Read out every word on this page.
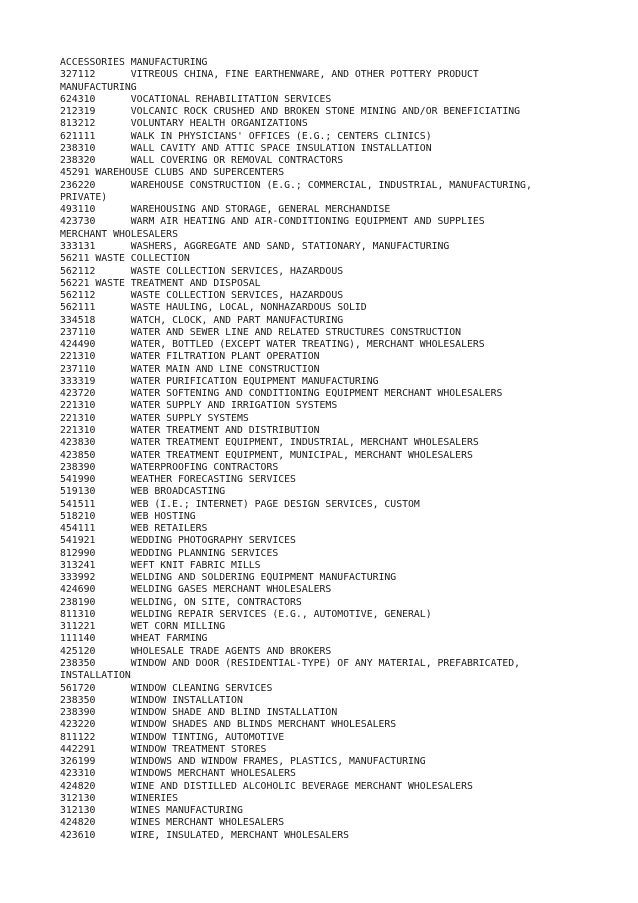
ACCESSORIES MANUFACTURING
327112      VITREOUS CHINA, FINE EARTHENWARE, AND OTHER POTTERY PRODUCT
MANUFACTURING
624310      VOCATIONAL REHABILITATION SERVICES
212319      VOLCANIC ROCK CRUSHED AND BROKEN STONE MINING AND/OR BENEFICIATING
813212      VOLUNTARY HEALTH ORGANIZATIONS
621111      WALK IN PHYSICIANS' OFFICES (E.G.; CENTERS CLINICS)
238310      WALL CAVITY AND ATTIC SPACE INSULATION INSTALLATION
238320      WALL COVERING OR REMOVAL CONTRACTORS
45291 WAREHOUSE CLUBS AND SUPERCENTERS
236220      WAREHOUSE CONSTRUCTION (E.G.; COMMERCIAL, INDUSTRIAL, MANUFACTURING,
PRIVATE)
493110      WAREHOUSING AND STORAGE, GENERAL MERCHANDISE
423730      WARM AIR HEATING AND AIR-CONDITIONING EQUIPMENT AND SUPPLIES
MERCHANT WHOLESALERS
333131      WASHERS, AGGREGATE AND SAND, STATIONARY, MANUFACTURING
56211 WASTE COLLECTION
562112      WASTE COLLECTION SERVICES, HAZARDOUS
56221 WASTE TREATMENT AND DISPOSAL
562112      WASTE COLLECTION SERVICES, HAZARDOUS
562111      WASTE HAULING, LOCAL, NONHAZARDOUS SOLID
334518      WATCH, CLOCK, AND PART MANUFACTURING
237110      WATER AND SEWER LINE AND RELATED STRUCTURES CONSTRUCTION
424490      WATER, BOTTLED (EXCEPT WATER TREATING), MERCHANT WHOLESALERS
221310      WATER FILTRATION PLANT OPERATION
237110      WATER MAIN AND LINE CONSTRUCTION
333319      WATER PURIFICATION EQUIPMENT MANUFACTURING
423720      WATER SOFTENING AND CONDITIONING EQUIPMENT MERCHANT WHOLESALERS
221310      WATER SUPPLY AND IRRIGATION SYSTEMS
221310      WATER SUPPLY SYSTEMS
221310      WATER TREATMENT AND DISTRIBUTION
423830      WATER TREATMENT EQUIPMENT, INDUSTRIAL, MERCHANT WHOLESALERS
423850      WATER TREATMENT EQUIPMENT, MUNICIPAL, MERCHANT WHOLESALERS
238390      WATERPROOFING CONTRACTORS
541990      WEATHER FORECASTING SERVICES
519130      WEB BROADCASTING
541511      WEB (I.E.; INTERNET) PAGE DESIGN SERVICES, CUSTOM
518210      WEB HOSTING
454111      WEB RETAILERS
541921      WEDDING PHOTOGRAPHY SERVICES
812990      WEDDING PLANNING SERVICES
313241      WEFT KNIT FABRIC MILLS
333992      WELDING AND SOLDERING EQUIPMENT MANUFACTURING
424690      WELDING GASES MERCHANT WHOLESALERS
238190      WELDING, ON SITE, CONTRACTORS
811310      WELDING REPAIR SERVICES (E.G., AUTOMOTIVE, GENERAL)
311221      WET CORN MILLING
111140      WHEAT FARMING
425120      WHOLESALE TRADE AGENTS AND BROKERS
238350      WINDOW AND DOOR (RESIDENTIAL-TYPE) OF ANY MATERIAL, PREFABRICATED,
INSTALLATION
561720      WINDOW CLEANING SERVICES
238350      WINDOW INSTALLATION
238390      WINDOW SHADE AND BLIND INSTALLATION
423220      WINDOW SHADES AND BLINDS MERCHANT WHOLESALERS
811122      WINDOW TINTING, AUTOMOTIVE
442291      WINDOW TREATMENT STORES
326199      WINDOWS AND WINDOW FRAMES, PLASTICS, MANUFACTURING
423310      WINDOWS MERCHANT WHOLESALERS
424820      WINE AND DISTILLED ALCOHOLIC BEVERAGE MERCHANT WHOLESALERS
312130      WINERIES
312130      WINES MANUFACTURING
424820      WINES MERCHANT WHOLESALERS
423610      WIRE, INSULATED, MERCHANT WHOLESALERS
